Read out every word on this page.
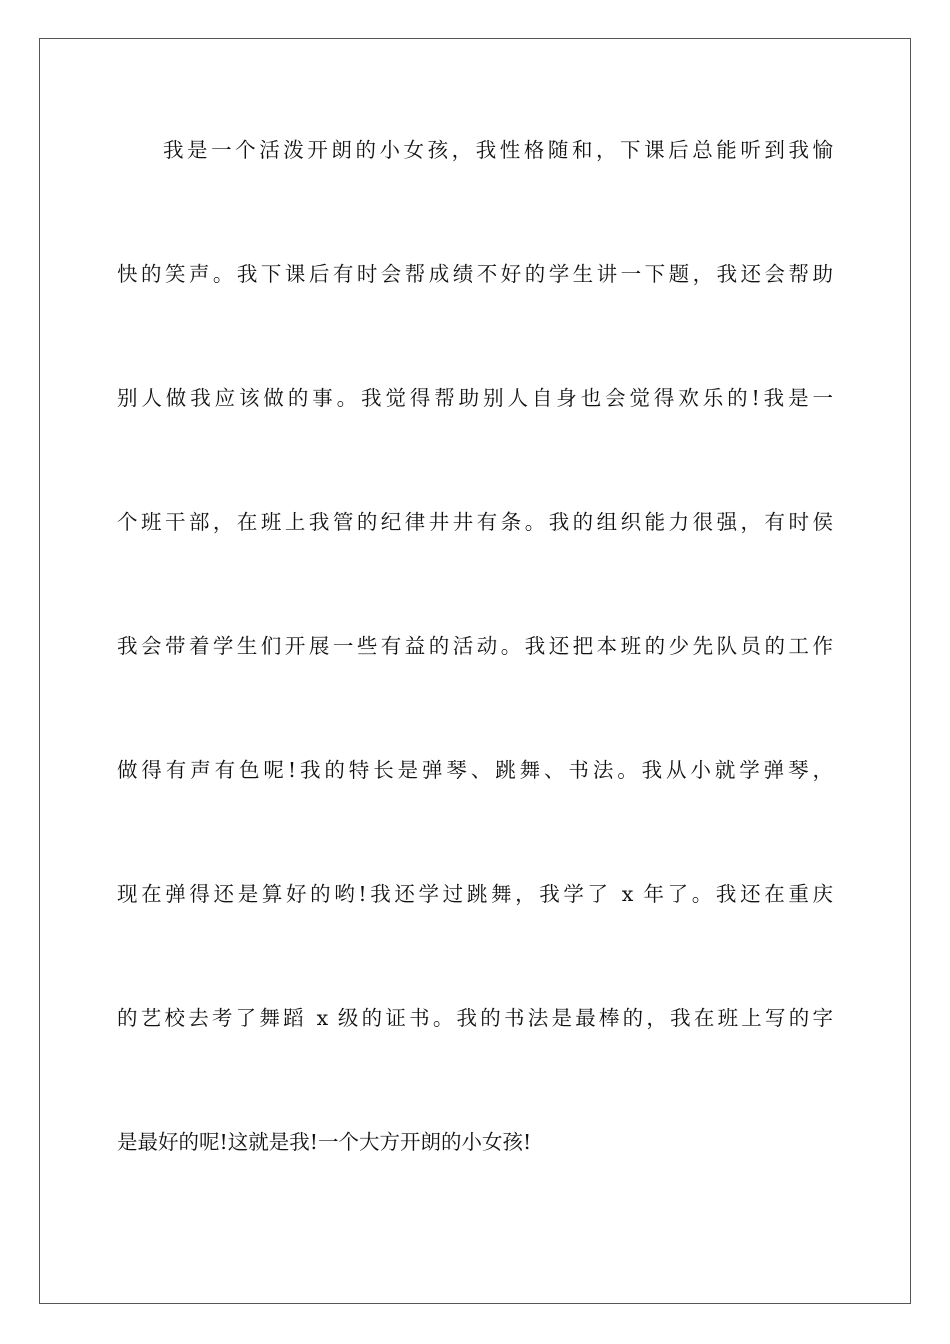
我是一个活泼开朗的小女孩，我性格随和，下课后总能听到我愉
快的笑声。我下课后有时会帮成绩不好的学生讲一下题，我还会帮助
别人做我应该做的事。我觉得帮助别人自身也会觉得欢乐的!我是一
个班干部，在班上我管的纪律井井有条。我的组织能力很强，有时侯
我会带着学生们开展一些有益的活动。我还把本班的少先队员的工作
做得有声有色呢!我的特长是弹琴、跳舞、书法。我从小就学弹琴，
现在弹得还是算好的哟!我还学过跳舞，我学了 x 年了。我还在重庆
的艺校去考了舞蹈 x 级的证书。我的书法是最棒的，我在班上写的字
是最好的呢!这就是我!一个大方开朗的小女孩!
